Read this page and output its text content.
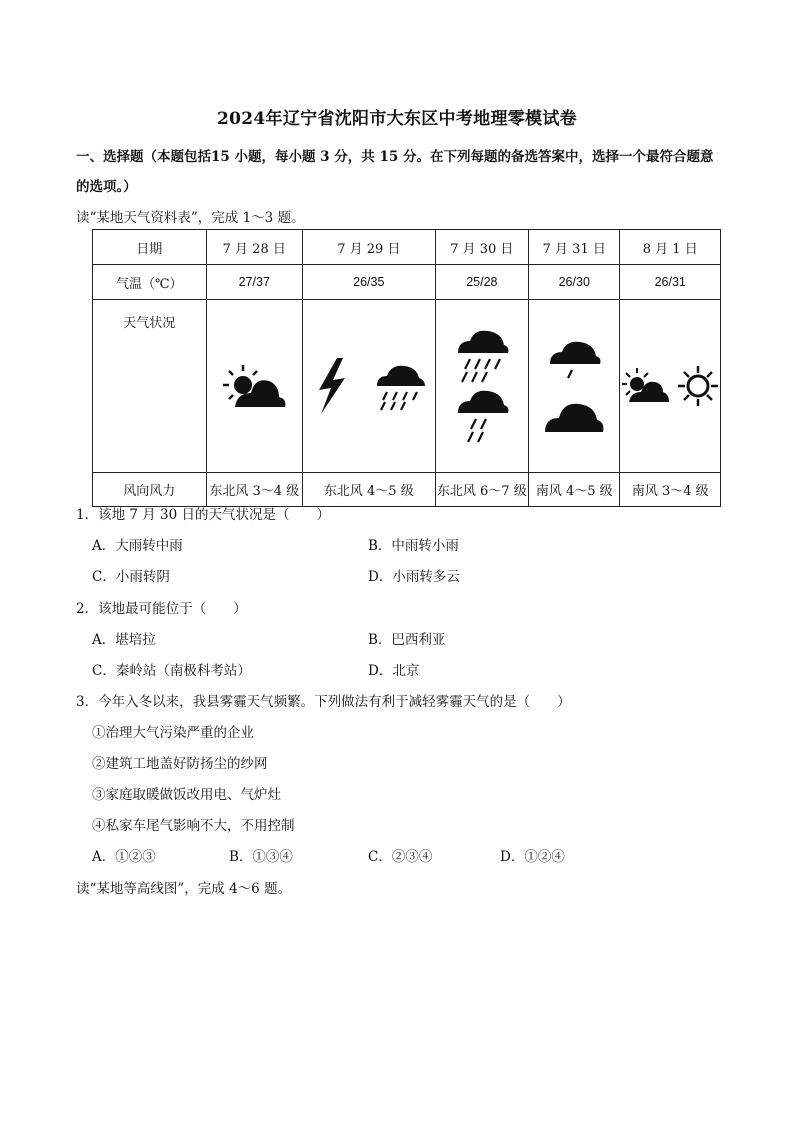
2024年辽宁省沈阳市大东区中考地理零模试卷
一、选择题（本题包括15 小题，每小题 3 分，共 15 分。在下列每题的备选答案中，选择一个最符合题意
的选项。）
读“某地天气资料表”，完成 1～3 题。
日期	7 月 28 日	7 月 29 日	7 月 30 日	7 月 31 日	8 月 1 日
气温（℃）	27/37	26/35	25/28	26/30	26/31
天气状况	

风向风力	东北风 3～4 级	东北风 4～5 级	东北风 6～7 级	南风 4～5 级	南风 3～4 级
1．该地 7 月 30 日的天气状况是（　　）
A．大雨转中雨	B．中雨转小雨
C．小雨转阴	D．小雨转多云
2．该地最可能位于（　　）
A．堪培拉	B．巴西利亚
C．秦岭站（南极科考站）	D．北京
3．今年入冬以来，我县雾霾天气频繁。下列做法有利于减轻雾霾天气的是（　　）
①治理大气污染严重的企业
②建筑工地盖好防扬尘的纱网
③家庭取暖做饭改用电、气炉灶
④私家车尾气影响不大，不用控制
A．①②③	B．①③④	C．②③④	D．①②④
读“某地等高线图”，完成 4～6 题。
